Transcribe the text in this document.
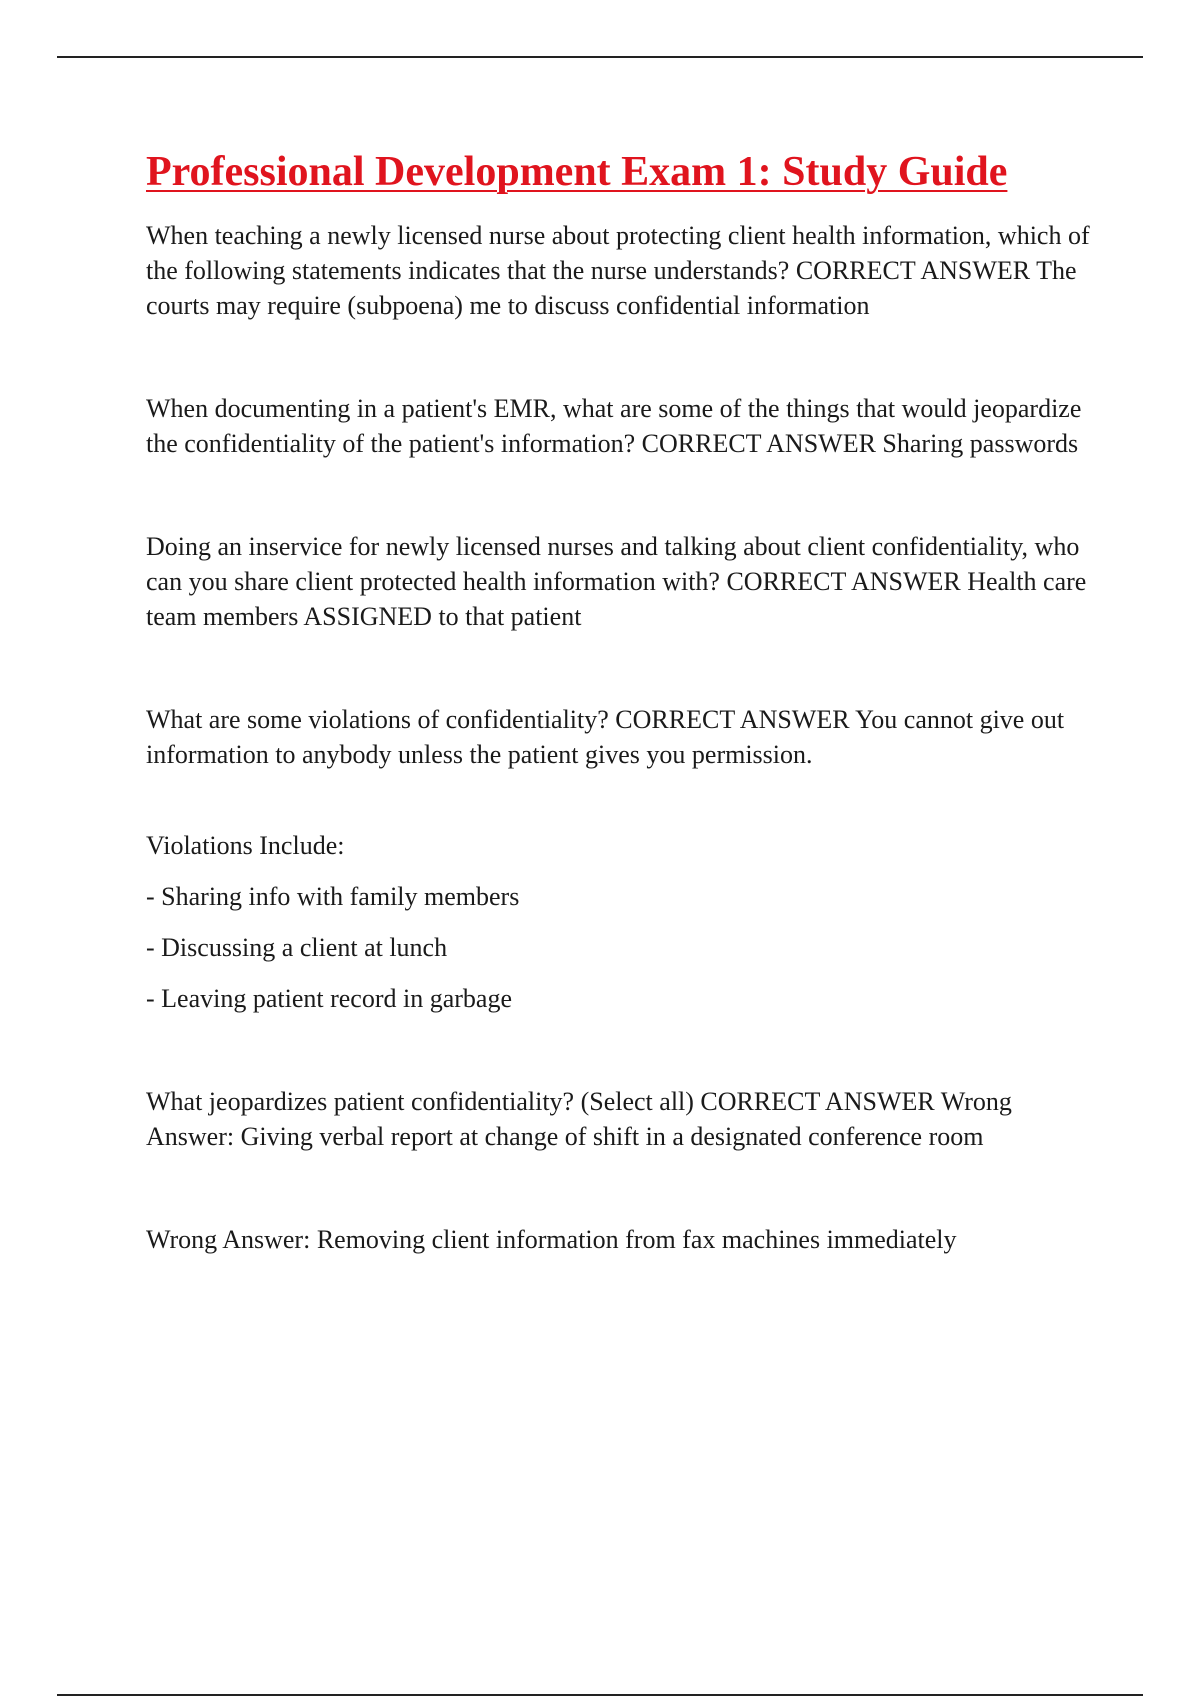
Professional Development Exam 1: Study Guide

When teaching a newly licensed nurse about protecting client health information, which of the following statements indicates that the nurse understands? CORRECT ANSWER The courts may require (subpoena) me to discuss confidential information

When documenting in a patient's EMR, what are some of the things that would jeopardize the confidentiality of the patient's information? CORRECT ANSWER Sharing passwords

Doing an inservice for newly licensed nurses and talking about client confidentiality, who can you share client protected health information with? CORRECT ANSWER Health care team members ASSIGNED to that patient

What are some violations of confidentiality? CORRECT ANSWER You cannot give out information to anybody unless the patient gives you permission.

Violations Include:

- Sharing info with family members

- Discussing a client at lunch

- Leaving patient record in garbage

What jeopardizes patient confidentiality? (Select all) CORRECT ANSWER Wrong Answer: Giving verbal report at change of shift in a designated conference room

Wrong Answer: Removing client information from fax machines immediately
